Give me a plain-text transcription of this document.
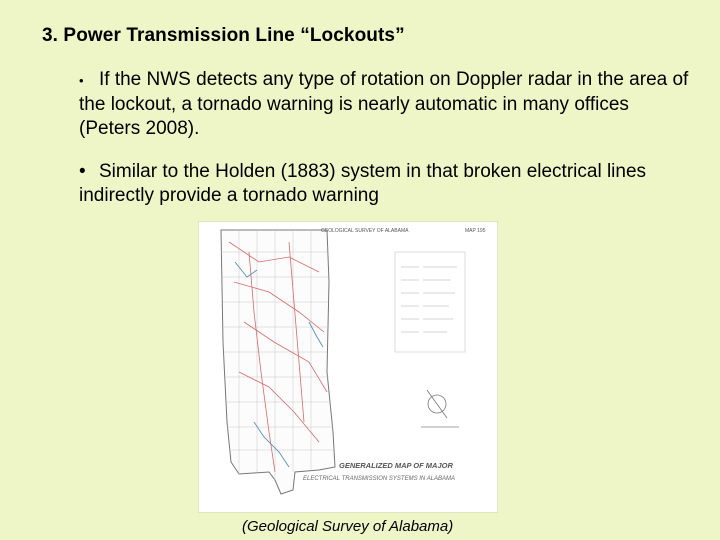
3. Power Transmission Line “Lockouts”
• If the NWS detects any type of rotation on Doppler radar in the area of the lockout, a tornado warning is nearly automatic in many offices (Peters 2008).
• Similar to the Holden (1883) system in that broken electrical lines indirectly provide a tornado warning
GEOLOGICAL SURVEY OF ALABAMA	MAP 195
GENERALIZED MAP OF MAJOR
ELECTRICAL TRANSMISSION SYSTEMS IN ALABAMA
(Geological Survey of Alabama)
